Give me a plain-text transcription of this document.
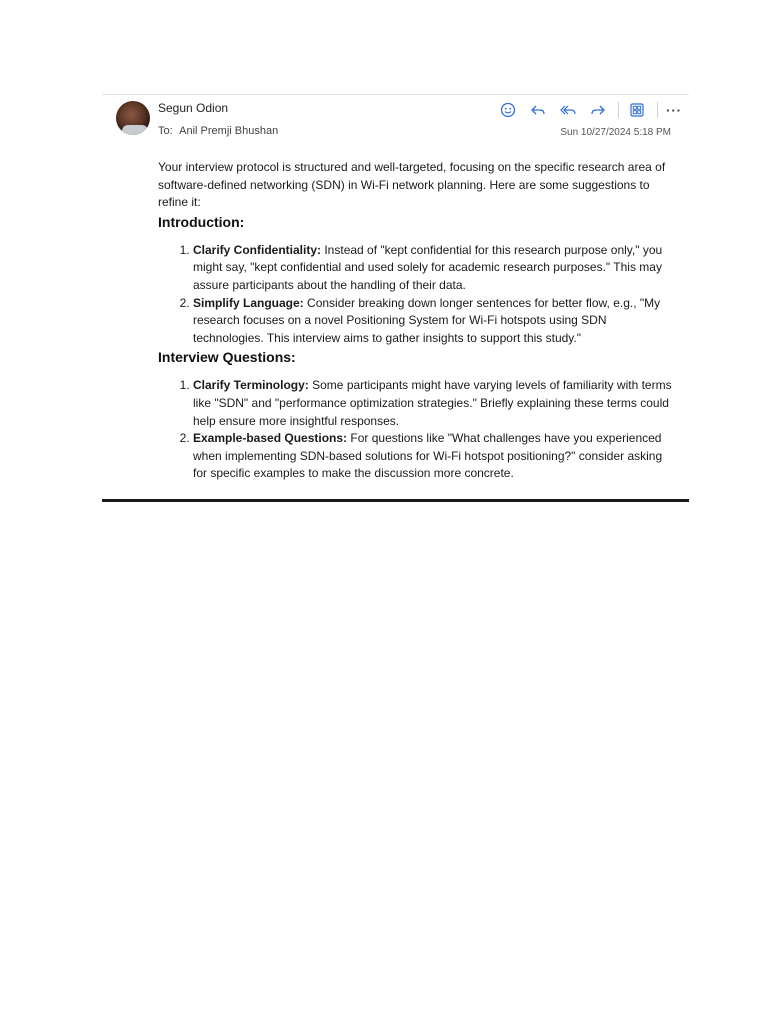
Segun Odion
To: Anil Premji Bhushan
···
Sun 10/27/2024 5:18 PM

Your interview protocol is structured and well-targeted, focusing on the specific research area of software-defined networking (SDN) in Wi-Fi network planning. Here are some suggestions to refine it:

Introduction:
1. Clarify Confidentiality: Instead of "kept confidential for this research purpose only," you might say, "kept confidential and used solely for academic research purposes." This may assure participants about the handling of their data.
2. Simplify Language: Consider breaking down longer sentences for better flow, e.g., "My research focuses on a novel Positioning System for Wi-Fi hotspots using SDN technologies. This interview aims to gather insights to support this study."
Interview Questions:
1. Clarify Terminology: Some participants might have varying levels of familiarity with terms like "SDN" and "performance optimization strategies." Briefly explaining these terms could help ensure more insightful responses.
2. Example-based Questions: For questions like "What challenges have you experienced when implementing SDN-based solutions for Wi-Fi hotspot positioning?" consider asking for specific examples to make the discussion more concrete.
